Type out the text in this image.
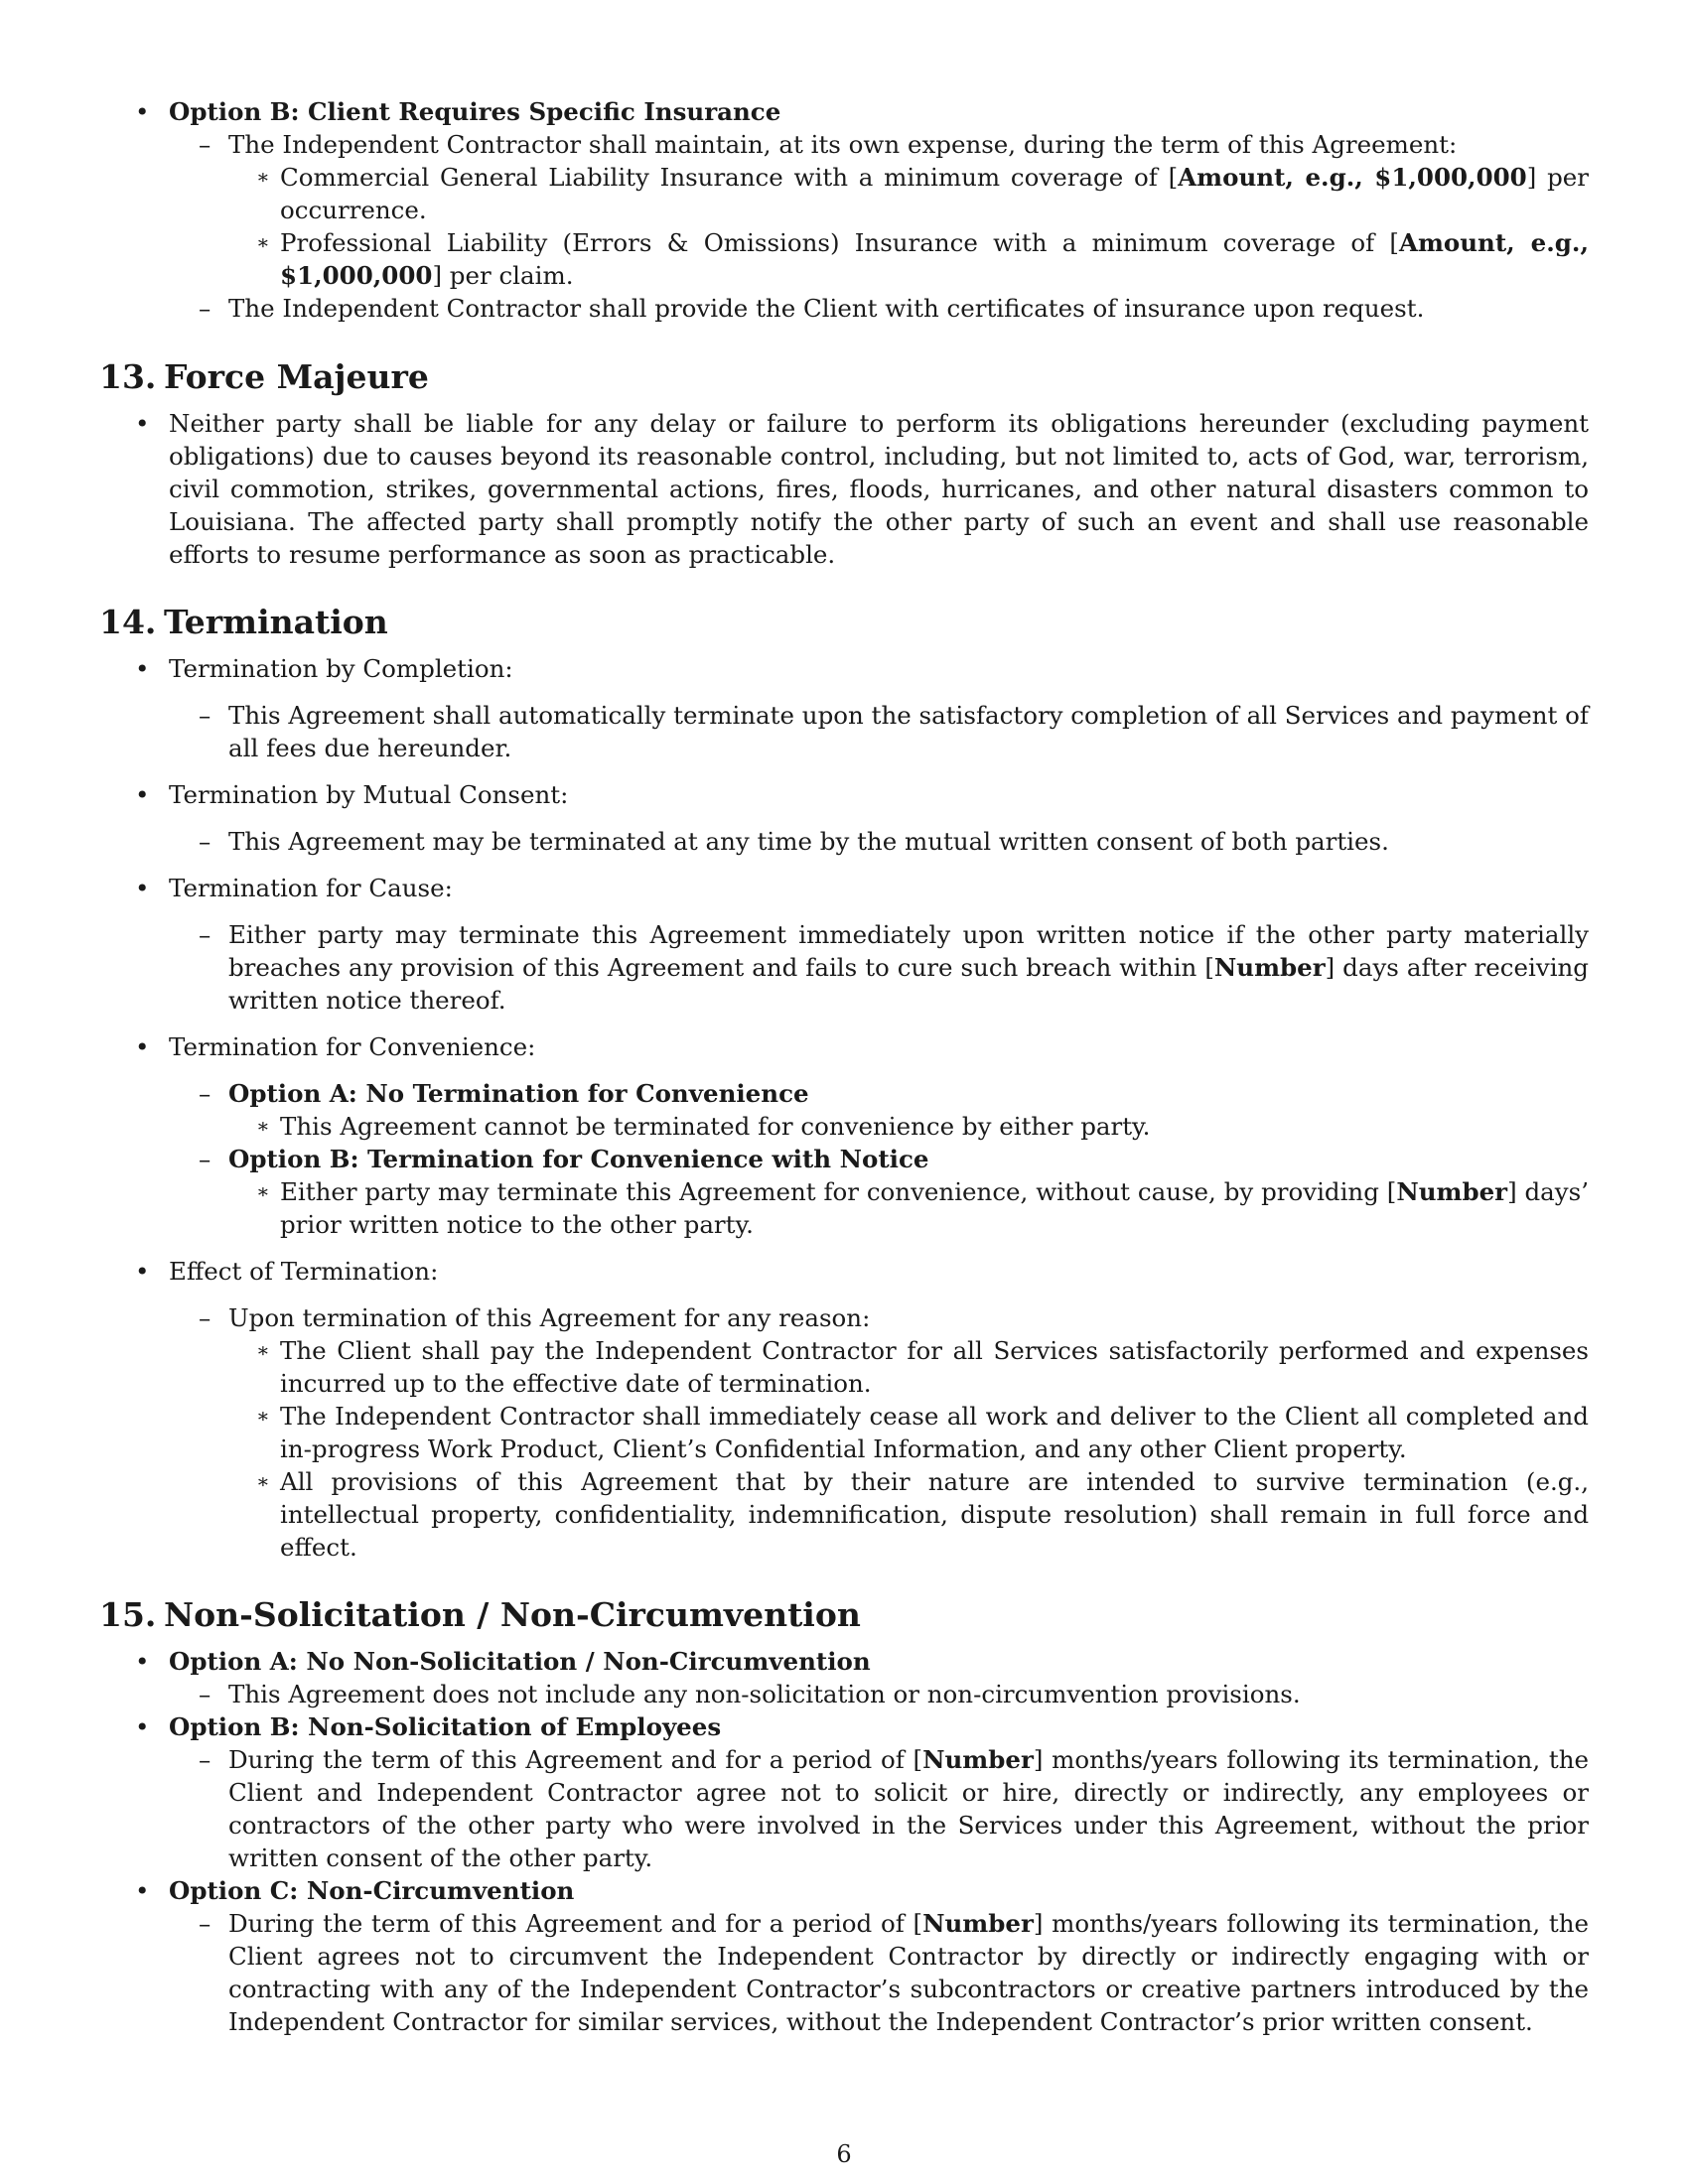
• Option B: Client Requires Specific Insurance
– The Independent Contractor shall maintain, at its own expense, during the term of this Agreement:
∗ Commercial General Liability Insurance with a minimum coverage of [Amount, e.g., $1,000,000] per occurrence.
∗ Professional Liability (Errors & Omissions) Insurance with a minimum coverage of [Amount, e.g., $1,000,000] per claim.
– The Independent Contractor shall provide the Client with certificates of insurance upon request.
13. Force Majeure
• Neither party shall be liable for any delay or failure to perform its obligations hereunder (excluding payment obligations) due to causes beyond its reasonable control, including, but not limited to, acts of God, war, terrorism, civil commotion, strikes, governmental actions, fires, floods, hurricanes, and other natural disasters common to Louisiana. The affected party shall promptly notify the other party of such an event and shall use reasonable efforts to resume performance as soon as practicable.
14. Termination
• Termination by Completion:
– This Agreement shall automatically terminate upon the satisfactory completion of all Services and payment of all fees due hereunder.
• Termination by Mutual Consent:
– This Agreement may be terminated at any time by the mutual written consent of both parties.
• Termination for Cause:
– Either party may terminate this Agreement immediately upon written notice if the other party materially breaches any provision of this Agreement and fails to cure such breach within [Number] days after receiving written notice thereof.
• Termination for Convenience:
– Option A: No Termination for Convenience
∗ This Agreement cannot be terminated for convenience by either party.
– Option B: Termination for Convenience with Notice
∗ Either party may terminate this Agreement for convenience, without cause, by providing [Number] days’ prior written notice to the other party.
• Effect of Termination:
– Upon termination of this Agreement for any reason:
∗ The Client shall pay the Independent Contractor for all Services satisfactorily performed and expenses incurred up to the effective date of termination.
∗ The Independent Contractor shall immediately cease all work and deliver to the Client all completed and in-progress Work Product, Client’s Confidential Information, and any other Client property.
∗ All provisions of this Agreement that by their nature are intended to survive termination (e.g., intellectual property, confidentiality, indemnification, dispute resolution) shall remain in full force and effect.
15. Non-Solicitation / Non-Circumvention
• Option A: No Non-Solicitation / Non-Circumvention
– This Agreement does not include any non-solicitation or non-circumvention provisions.
• Option B: Non-Solicitation of Employees
– During the term of this Agreement and for a period of [Number] months/years following its termination, the Client and Independent Contractor agree not to solicit or hire, directly or indirectly, any employees or contractors of the other party who were involved in the Services under this Agreement, without the prior written consent of the other party.
• Option C: Non-Circumvention
– During the term of this Agreement and for a period of [Number] months/years following its termination, the Client agrees not to circumvent the Independent Contractor by directly or indirectly engaging with or contracting with any of the Independent Contractor’s subcontractors or creative partners introduced by the Independent Contractor for similar services, without the Independent Contractor’s prior written consent.
6
